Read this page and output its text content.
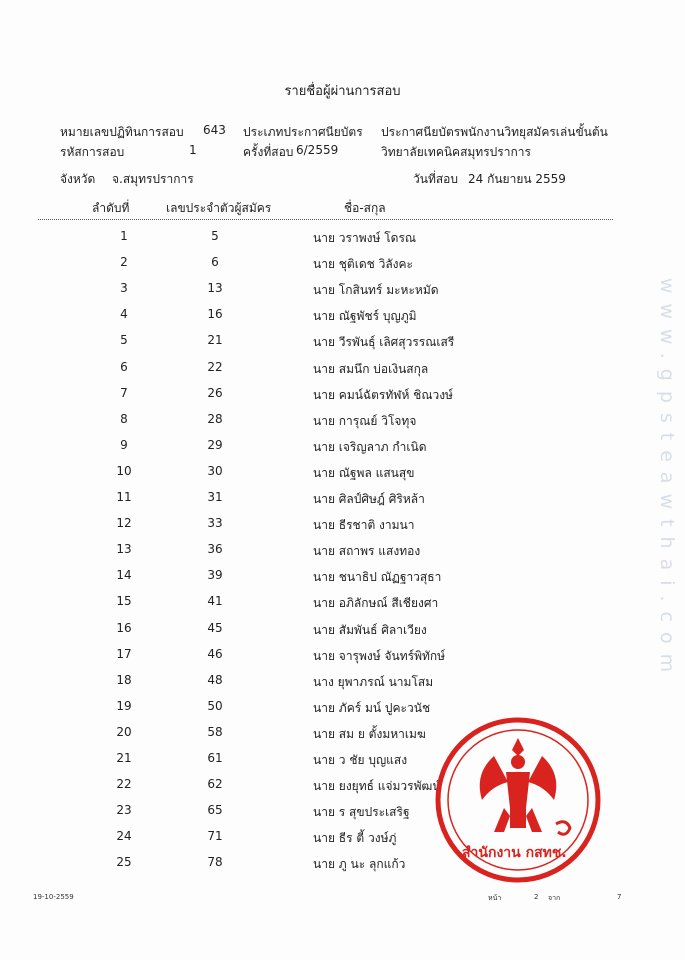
www.gpsteawthai.com
รายชื่อผู้ผ่านการสอบ
หมายเลขปฏิทินการสอบ 643 ประเภทประกาศนียบัตร ประกาศนียบัตรพนักงานวิทยุสมัครเล่นขั้นต้น
รหัสการสอบ	1	ครั้งที่สอบ 6/2559	วิทยาลัยเทคนิคสมุทรปราการ
จังหวัด จ.สมุทรปราการ	วันที่สอบ 24 กันยายน 2559
ลำดับที่	เลขประจำตัวผู้สมัคร	ชื่อ-สกุล
1	5	นาย วราพงษ์ โดรณ
2	6	นาย ชุติเดช วิลังคะ
3	13	นาย โกสินทร์ มะหะหมัด
4	16	นาย ณัฐพัชร์ บุญภูมิ
5	21	นาย วีรพันธุ์ เลิศสุวรรณเสรี
6	22	นาย สมนึก บ่อเงินสกุล
7	26	นาย คมน์ฉัตรทัฬห์ ชิณวงษ์
8	28	นาย การุณย์ วิโจทุจ
9	29	นาย เจริญลาภ กำเนิด
10	30	นาย ณัฐพล แสนสุข
11	31	นาย ศิลป์ศิษฎ์ ศิริหล้า
12	33	นาย ธีรชาติ งามนา
13	36	นาย สถาพร แสงทอง
14	39	นาย ชนาธิป ณัฏฐาวสุธา
15	41	นาย อภิลักษณ์ สีเชียงศา
16	45	นาย สัมพันธ์ ศิลาเวียง
17	46	นาย จารุพงษ์ จันทร์พิทักษ์
18	48	นาง ยุพาภรณ์ นามโสม
19	50	นาย ภัคร์ มน์ ปูคะวนัช
20	58	นาย สม ย ตั้งมหาเมฆ
21	61	นาย ว ชัย บุญแสง
22	62	นาย ยงยุทธ์ แจ่มวรพัฒน์
23	65	นาย ร สุขประเสริฐ
24	71	นาย ธีร ตี้ วงษ์ภู่
25	78	นาย ภู นะ ลุกแก้ว
สำนักงาน กสทช.
19-10-2559	หน้า	2 จาก	7
